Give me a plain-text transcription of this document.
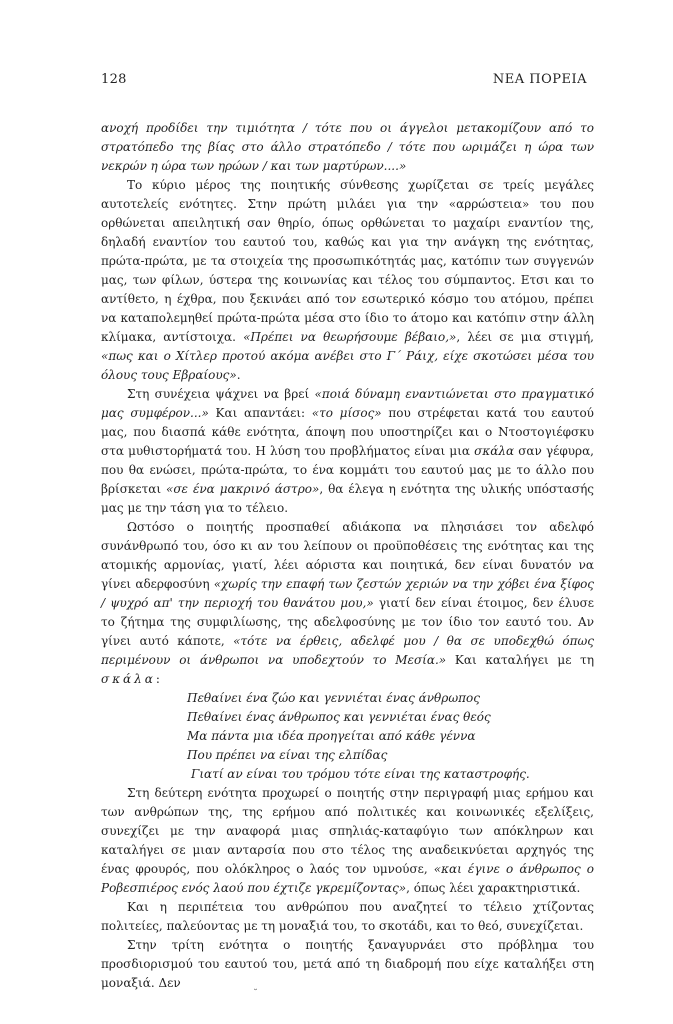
128	ΝΕΑ ΠΟΡΕΙΑ

ανοχή προδίδει την τιμιότητα / τότε που οι άγγελοι μετακομίζουν από το στρατόπεδο της βίας στο άλλο στρατόπεδο / τότε που ωριμάζει η ώρα των νεκρών η ώρα των ηρώων / και των μαρτύρων....»

Το κύριο μέρος της ποιητικής σύνθεσης χωρίζεται σε τρείς μεγάλες αυτοτελείς ενότητες. Στην πρώτη μιλάει για την «αρρώστεια» του που ορθώνεται απειλητική σαν θηρίο, όπως ορθώνεται το μαχαίρι εναντίον της, δηλαδή εναντίον του εαυτού του, καθώς και για την ανάγκη της ενότητας, πρώτα-πρώτα, με τα στοιχεία της προσωπικότητάς μας, κατόπιν των συγγενών μας, των φίλων, ύστερα της κοινωνίας και τέλος του σύμπαντος. Ετσι και το αντίθετο, η έχθρα, που ξεκινάει από τον εσωτερικό κόσμο του ατόμου, πρέπει να καταπολεμηθεί πρώτα-πρώτα μέσα στο ίδιο το άτομο και κατόπιν στην άλλη κλίμακα, αντίστοιχα. «Πρέπει να θεωρήσουμε βέβαιο,», λέει σε μια στιγμή, «πως και ο Χίτλερ προτού ακόμα ανέβει στο Γ΄ Ράιχ, είχε σκοτώσει μέσα του όλους τους Εβραίους».

Στη συνέχεια ψάχνει να βρεί «ποιά δύναμη εναντιώνεται στο πραγματικό μας συμφέρον...» Και απαντάει: «το μίσος» που στρέφεται κατά του εαυτού μας, που διασπά κάθε ενότητα, άποψη που υποστηρίζει και ο Ντοστογιέφσκυ στα μυθιστορήματά του. Η λύση του προβλήματος είναι μια σκάλα σαν γέφυρα, που θα ενώσει, πρώτα-πρώτα, το ένα κομμάτι του εαυτού μας με το άλλο που βρίσκεται «σε ένα μακρινό άστρο», θα έλεγα η ενότητα της υλικής υπόστασής μας με την τάση για το τέλειο.

Ωστόσο ο ποιητής προσπαθεί αδιάκοπα να πλησιάσει τον αδελφό συνάνθρωπό του, όσο κι αν του λείπουν οι προϋποθέσεις της ενότητας και της ατομικής αρμονίας, γιατί, λέει αόριστα και ποιητικά, δεν είναι δυνατόν να γίνει αδερφοσύνη «χωρίς την επαφή των ζεστών χεριών να την χόβει ένα ξίφος / ψυχρό απ' την περιοχή του θανάτου μου,» γιατί δεν είναι έτοιμος, δεν έλυσε το ζήτημα της συμφιλίωσης, της αδελφοσύνης με τον ίδιο τον εαυτό του. Αν γίνει αυτό κάποτε, «τότε να έρθεις, αδελφέ μου / θα σε υποδεχθώ όπως περιμένουν οι άνθρωποι να υποδεχτούν το Μεσία.» Και καταλήγει με τη σκάλα:

Πεθαίνει ένα ζώο και γεννιέται ένας άνθρωπος
Πεθαίνει ένας άνθρωπος και γεννιέται ένας θεός
Μα πάντα μια ιδέα προηγείται από κάθε γέννα
Που πρέπει να είναι της ελπίδας
Γιατί αν είναι του τρόμου τότε είναι της καταστροφής.

Στη δεύτερη ενότητα προχωρεί ο ποιητής στην περιγραφή μιας ερήμου και των ανθρώπων της, της ερήμου από πολιτικές και κοινωνικές εξελίξεις, συνεχίζει με την αναφορά μιας σπηλιάς-καταφύγιο των απόκληρων και καταλήγει σε μιαν ανταρσία που στο τέλος της αναδεικνύεται αρχηγός της ένας φρουρός, που ολόκληρος ο λαός τον υμνούσε, «και έγινε ο άνθρωπος ο Ροβεσπιέρος ενός λαού που έχτιζε γκρεμίζοντας», όπως λέει χαρακτηριστικά.

Και η περιπέτεια του ανθρώπου που αναζητεί το τέλειο χτίζοντας πολιτείες, παλεύοντας με τη μοναξιά του, το σκοτάδι, και το θεό, συνεχίζεται.

Στην τρίτη ενότητα ο ποιητής ξαναγυρνάει στο πρόβλημα του προσδιορισμού του εαυτού του, μετά από τη διαδρομή που είχε καταλήξει στη μοναξιά. Δεν

˘
